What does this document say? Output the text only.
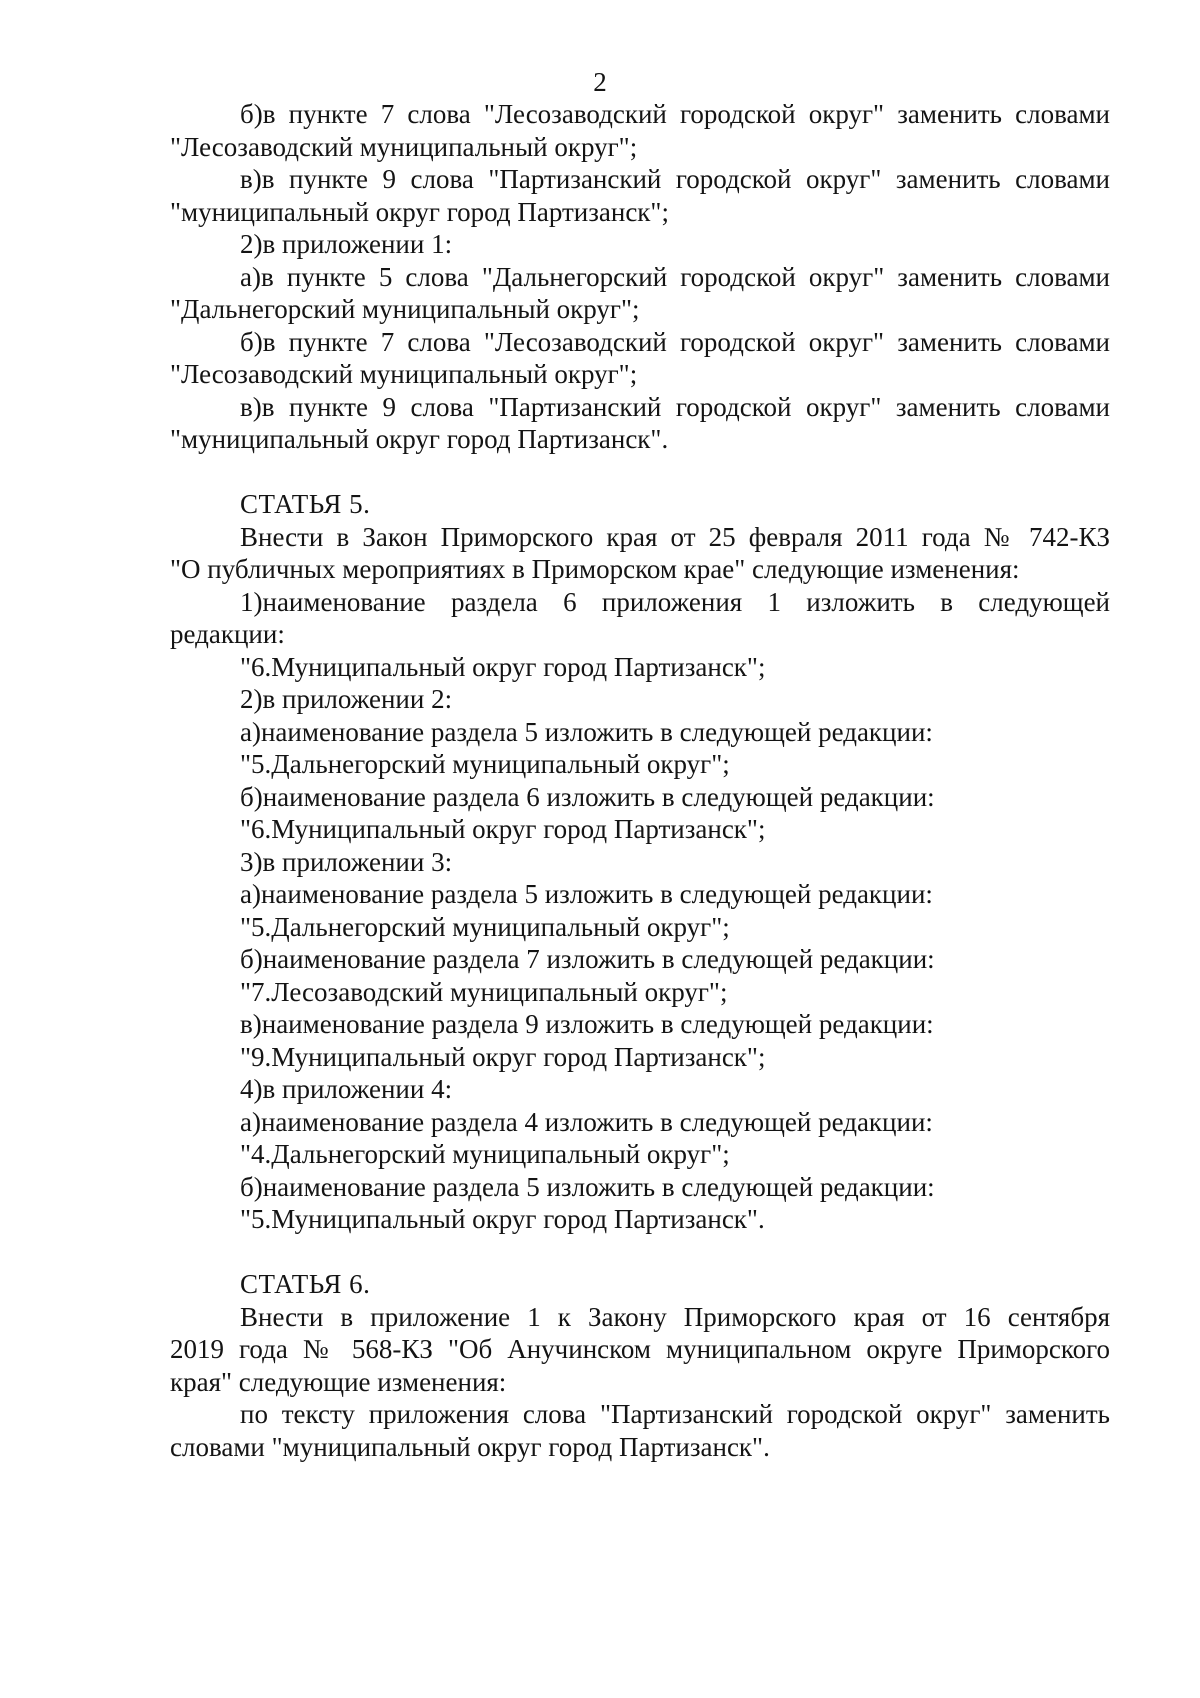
2
б)в пункте 7 слова "Лесозаводский городской округ" заменить словами
"Лесозаводский муниципальный округ";
в)в пункте 9 слова "Партизанский городской округ" заменить словами
"муниципальный округ город Партизанск";
2)в приложении 1:
а)в пункте 5 слова "Дальнегорский городской округ" заменить словами
"Дальнегорский муниципальный округ";
б)в пункте 7 слова "Лесозаводский городской округ" заменить словами
"Лесозаводский муниципальный округ";
в)в пункте 9 слова "Партизанский городской округ" заменить словами
"муниципальный округ город Партизанск".
СТАТЬЯ 5.
Внести в Закон Приморского края от 25 февраля 2011 года № 742-КЗ
"О публичных мероприятиях в Приморском крае" следующие изменения:
1)наименование раздела 6 приложения 1 изложить в следующей
редакции:
"6.Муниципальный округ город Партизанск";
2)в приложении 2:
а)наименование раздела 5 изложить в следующей редакции:
"5.Дальнегорский муниципальный округ";
б)наименование раздела 6 изложить в следующей редакции:
"6.Муниципальный округ город Партизанск";
3)в приложении 3:
а)наименование раздела 5 изложить в следующей редакции:
"5.Дальнегорский муниципальный округ";
б)наименование раздела 7 изложить в следующей редакции:
"7.Лесозаводский муниципальный округ";
в)наименование раздела 9 изложить в следующей редакции:
"9.Муниципальный округ город Партизанск";
4)в приложении 4:
а)наименование раздела 4 изложить в следующей редакции:
"4.Дальнегорский муниципальный округ";
б)наименование раздела 5 изложить в следующей редакции:
"5.Муниципальный округ город Партизанск".
СТАТЬЯ 6.
Внести в приложение 1 к Закону Приморского края от 16 сентября
2019 года № 568-КЗ "Об Анучинском муниципальном округе Приморского
края" следующие изменения:
по тексту приложения слова "Партизанский городской округ" заменить
словами "муниципальный округ город Партизанск".
